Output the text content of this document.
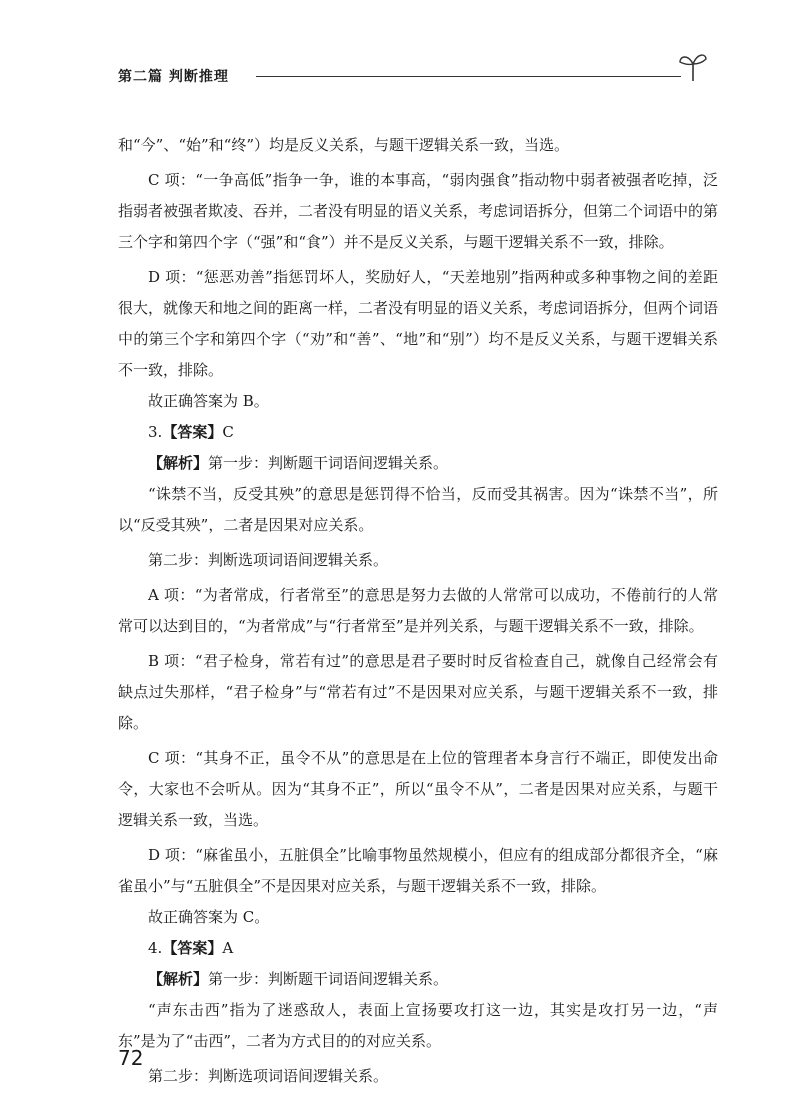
第二篇 判断推理

和“今”、“始”和“终”）均是反义关系，与题干逻辑关系一致，当选。

C 项：“一争高低”指争一争，谁的本事高，“弱肉强食”指动物中弱者被强者吃掉，泛指弱者被强者欺凌、吞并，二者没有明显的语义关系，考虑词语拆分，但第二个词语中的第三个字和第四个字（“强”和“食”）并不是反义关系，与题干逻辑关系不一致，排除。

D 项：“惩恶劝善”指惩罚坏人，奖励好人，“天差地别”指两种或多种事物之间的差距很大，就像天和地之间的距离一样，二者没有明显的语义关系，考虑词语拆分，但两个词语中的第三个字和第四个字（“劝”和“善”、“地”和“别”）均不是反义关系，与题干逻辑关系不一致，排除。

故正确答案为 B。

3.【答案】C

【解析】第一步：判断题干词语间逻辑关系。

“诛禁不当，反受其殃”的意思是惩罚得不恰当，反而受其祸害。因为“诛禁不当”，所以“反受其殃”，二者是因果对应关系。

第二步：判断选项词语间逻辑关系。

A 项：“为者常成，行者常至”的意思是努力去做的人常常可以成功，不倦前行的人常常可以达到目的，“为者常成”与“行者常至”是并列关系，与题干逻辑关系不一致，排除。

B 项：“君子检身，常若有过”的意思是君子要时时反省检查自己，就像自己经常会有缺点过失那样，“君子检身”与“常若有过”不是因果对应关系，与题干逻辑关系不一致，排除。

C 项：“其身不正，虽令不从”的意思是在上位的管理者本身言行不端正，即使发出命令，大家也不会听从。因为“其身不正”，所以“虽令不从”，二者是因果对应关系，与题干逻辑关系一致，当选。

D 项：“麻雀虽小，五脏俱全”比喻事物虽然规模小，但应有的组成部分都很齐全，“麻雀虽小”与“五脏俱全”不是因果对应关系，与题干逻辑关系不一致，排除。

故正确答案为 C。

4.【答案】A

【解析】第一步：判断题干词语间逻辑关系。

“声东击西”指为了迷惑敌人，表面上宣扬要攻打这一边，其实是攻打另一边，“声东”是为了“击西”，二者为方式目的的对应关系。

第二步：判断选项词语间逻辑关系。

72
